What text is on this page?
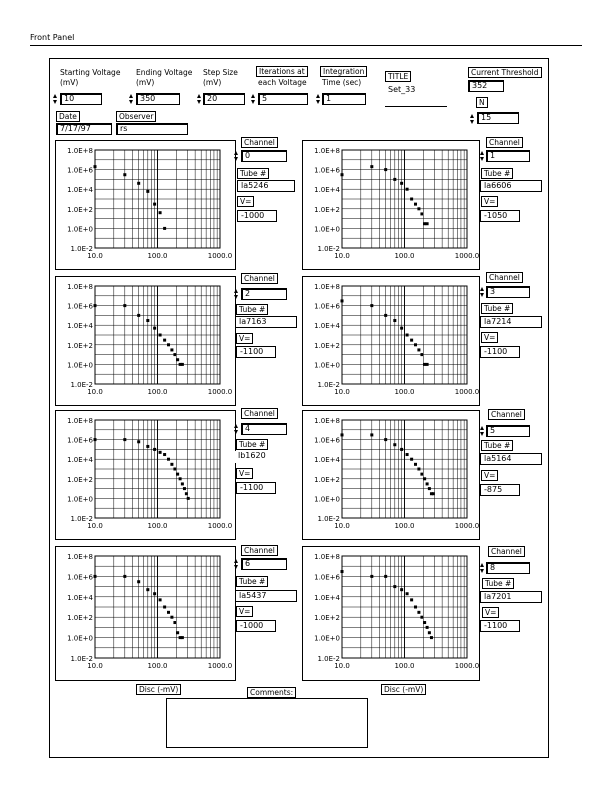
Front Panel
Starting Voltage
(mV)
10
Ending Voltage
(mV)
350
Step Size
(mV)
20
Iterations at
each Voltage
5
Integration
Time (sec)
1
TITLE
Set_33
Current Threshold
352
N
15
Date
7/17/97
Observer
rs
1.0E-2
1.0E+0
1.0E+2
1.0E+4
1.0E+6
1.0E+8
10.0	100.0	1000.0
Channel
0
Tube #
la5246
V=
-1000
1.0E-2
1.0E+0
1.0E+2
1.0E+4
1.0E+6
1.0E+8
10.0	100.0	1000.0
Channel
1
Tube #
la6606
V=
-1050
1.0E-2
1.0E+0
1.0E+2
1.0E+4
1.0E+6
1.0E+8
10.0	100.0	1000.0
Channel
2
Tube #
la7163
V=
-1100
1.0E-2
1.0E+0
1.0E+2
1.0E+4
1.0E+6
1.0E+8
10.0	100.0	1000.0
Channel
3
Tube #
la7214
V=
-1100
1.0E-2
1.0E+0
1.0E+2
1.0E+4
1.0E+6
1.0E+8
10.0	100.0	1000.0
Channel
4
Tube #
lb1620
V=
-1100
1.0E-2
1.0E+0
1.0E+2
1.0E+4
1.0E+6
1.0E+8
10.0	100.0	1000.0
Channel
5
Tube #
la5164
V=
-875
1.0E-2
1.0E+0
1.0E+2
1.0E+4
1.0E+6
1.0E+8
10.0	100.0	1000.0
Channel
6
Tube #
la5437
V=
-1000
1.0E-2
1.0E+0
1.0E+2
1.0E+4
1.0E+6
1.0E+8
10.0	100.0	1000.0
Channel
8
Tube #
la7201
V=
-1100
Disc (-mV)	Disc (-mV)
Comments:
